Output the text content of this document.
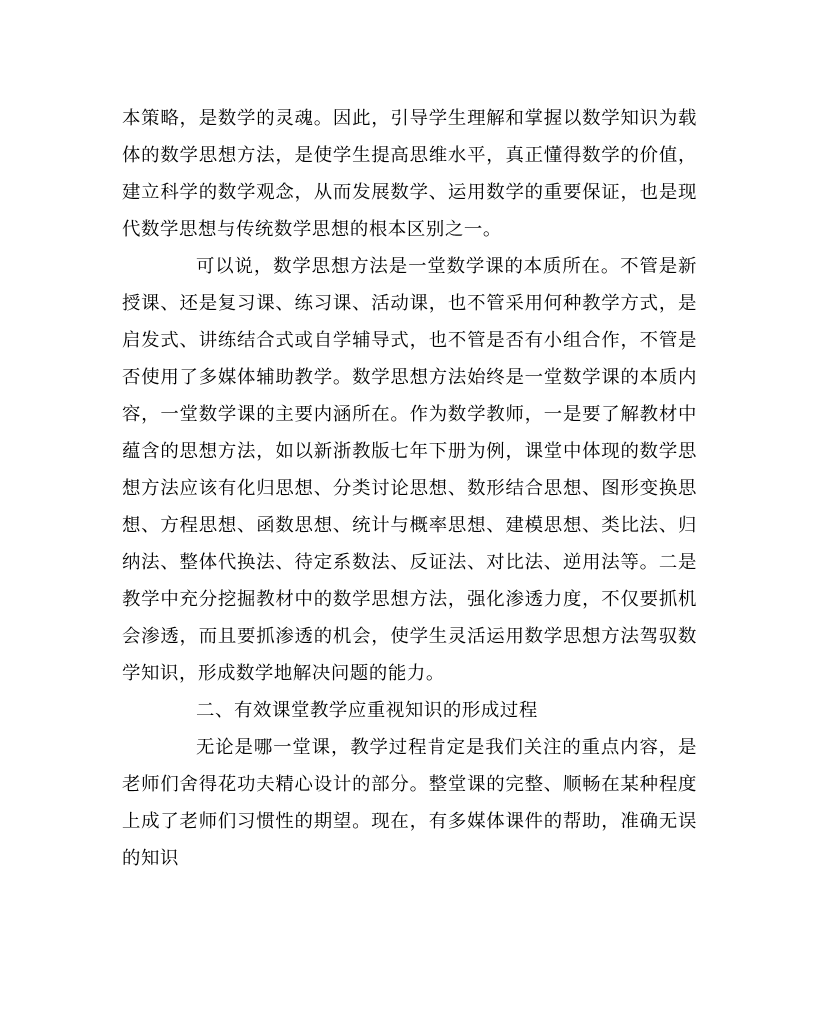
本策略，是数学的灵魂。因此，引导学生理解和掌握以数学知识为载体的数学思想方法，是使学生提高思维水平，真正懂得数学的价值，建立科学的数学观念，从而发展数学、运用数学的重要保证，也是现代数学思想与传统数学思想的根本区别之一。

可以说，数学思想方法是一堂数学课的本质所在。不管是新授课、还是复习课、练习课、活动课，也不管采用何种教学方式，是启发式、讲练结合式或自学辅导式，也不管是否有小组合作，不管是否使用了多媒体辅助教学。数学思想方法始终是一堂数学课的本质内容，一堂数学课的主要内涵所在。作为数学教师，一是要了解教材中蕴含的思想方法，如以新浙教版七年下册为例，课堂中体现的数学思想方法应该有化归思想、分类讨论思想、数形结合思想、图形变换思想、方程思想、函数思想、统计与概率思想、建模思想、类比法、归纳法、整体代换法、待定系数法、反证法、对比法、逆用法等。二是教学中充分挖掘教材中的数学思想方法，强化渗透力度，不仅要抓机会渗透，而且要抓渗透的机会，使学生灵活运用数学思想方法驾驭数学知识，形成数学地解决问题的能力。

二、有效课堂教学应重视知识的形成过程

无论是哪一堂课，教学过程肯定是我们关注的重点内容，是老师们舍得花功夫精心设计的部分。整堂课的完整、顺畅在某种程度上成了老师们习惯性的期望。现在，有多媒体课件的帮助，准确无误的知识
